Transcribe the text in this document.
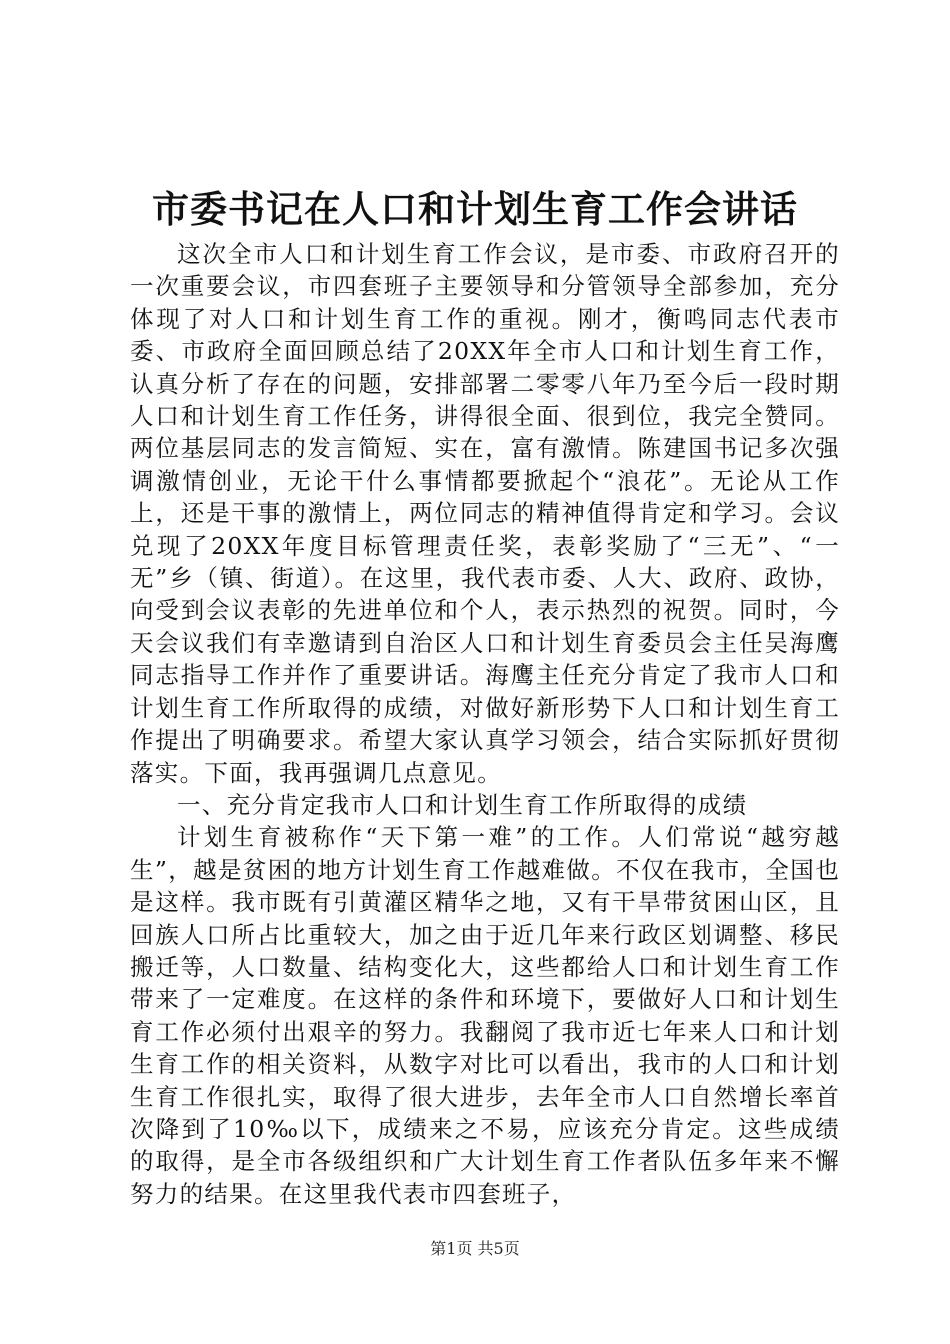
市委书记在人口和计划生育工作会讲话

这次全市人口和计划生育工作会议，是市委、市政府召开的一次重要会议，市四套班子主要领导和分管领导全部参加，充分体现了对人口和计划生育工作的重视。刚才，衡鸣同志代表市委、市政府全面回顾总结了20XX年全市人口和计划生育工作，认真分析了存在的问题，安排部署二零零八年乃至今后一段时期人口和计划生育工作任务，讲得很全面、很到位，我完全赞同。两位基层同志的发言简短、实在，富有激情。陈建国书记多次强调激情创业，无论干什么事情都要掀起个“浪花”。无论从工作上，还是干事的激情上，两位同志的精神值得肯定和学习。会议兑现了20XX年度目标管理责任奖，表彰奖励了“三无”、“一无”乡（镇、街道）。在这里，我代表市委、人大、政府、政协，向受到会议表彰的先进单位和个人，表示热烈的祝贺。同时，今天会议我们有幸邀请到自治区人口和计划生育委员会主任吴海鹰同志指导工作并作了重要讲话。海鹰主任充分肯定了我市人口和计划生育工作所取得的成绩，对做好新形势下人口和计划生育工作提出了明确要求。希望大家认真学习领会，结合实际抓好贯彻落实。下面，我再强调几点意见。

一、充分肯定我市人口和计划生育工作所取得的成绩

计划生育被称作“天下第一难”的工作。人们常说“越穷越生”，越是贫困的地方计划生育工作越难做。不仅在我市，全国也是这样。我市既有引黄灌区精华之地，又有干旱带贫困山区，且回族人口所占比重较大，加之由于近几年来行政区划调整、移民搬迁等，人口数量、结构变化大，这些都给人口和计划生育工作带来了一定难度。在这样的条件和环境下，要做好人口和计划生育工作必须付出艰辛的努力。我翻阅了我市近七年来人口和计划生育工作的相关资料，从数字对比可以看出，我市的人口和计划生育工作很扎实，取得了很大进步，去年全市人口自然增长率首次降到了10‰以下，成绩来之不易，应该充分肯定。这些成绩的取得，是全市各级组织和广大计划生育工作者队伍多年来不懈努力的结果。在这里我代表市四套班子，

第1页 共5页
